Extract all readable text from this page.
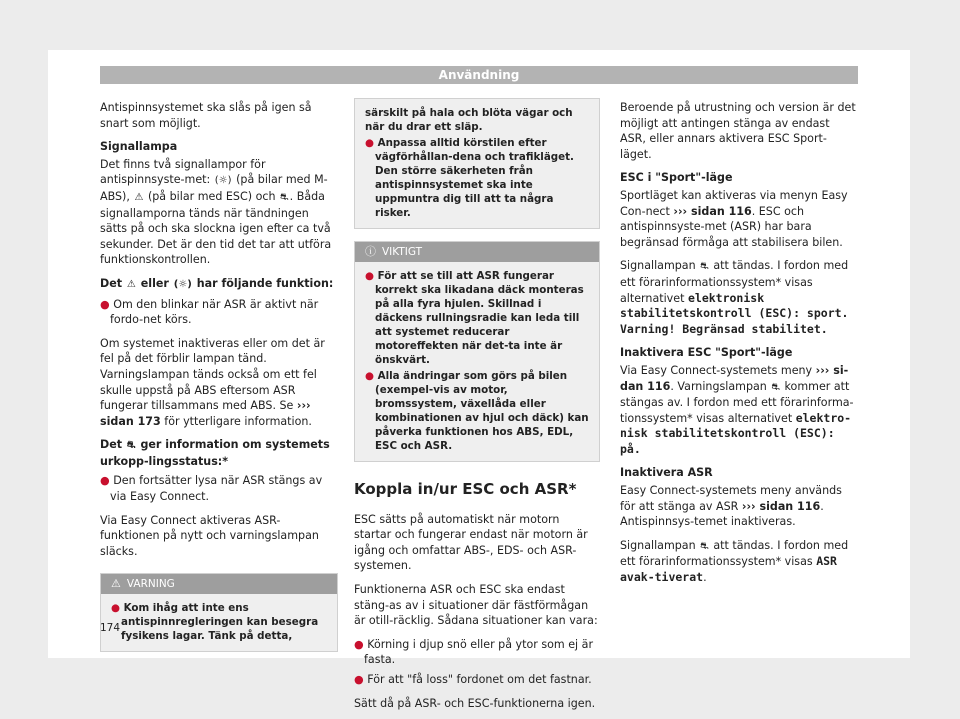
Användning

Antispinnsystemet ska slås på igen så snart som möjligt.

Signallampa

Det finns två signallampor för antispinnsyste-met: (☼) (på bilar med M-ABS), ⚠ (på bilar med ESC) och ⛐. Båda signallamporna tänds när tändningen sätts på och ska slockna igen efter ca två sekunder. Det är den tid det tar att utföra funktionskontrollen.

Det ⚠ eller (☼) har följande funktion:

● Om den blinkar när ASR är aktivt när fordo-net körs.

Om systemet inaktiveras eller om det är fel på det förblir lampan tänd. Varningslampan tänds också om ett fel skulle uppstå på ABS eftersom ASR fungerar tillsammans med ABS. Se ››› sidan 173 för ytterligare information.

Det ⛐ ger information om systemets urkopp-lingsstatus:*

● Den fortsätter lysa när ASR stängs av via Easy Connect.

Via Easy Connect aktiveras ASR-funktionen på nytt och varningslampan släcks.

⚠ VARNING

● Kom ihåg att inte ens antispinnregleringen kan besegra fysikens lagar. Tänk på detta,

särskilt på hala och blöta vägar och när du drar ett släp.

● Anpassa alltid körstilen efter vägförhållan-dena och trafikläget. Den större säkerheten från antispinnsystemet ska inte uppmuntra dig till att ta några risker.

ⓘ VIKTIGT

● För att se till att ASR fungerar korrekt ska likadana däck monteras på alla fyra hjulen. Skillnad i däckens rullningsradie kan leda till att systemet reducerar motoreffekten när det-ta inte är önskvärt.

● Alla ändringar som görs på bilen (exempel-vis av motor, bromssystem, växellåda eller kombinationen av hjul och däck) kan påverka funktionen hos ABS, EDL, ESC och ASR.

Koppla in/ur ESC och ASR*

ESC sätts på automatiskt när motorn startar och fungerar endast när motorn är igång och omfattar ABS-, EDS- och ASR-systemen.

Funktionerna ASR och ESC ska endast stäng-as av i situationer där fästförmågan är otill-räcklig. Sådana situationer kan vara:

● Körning i djup snö eller på ytor som ej är fasta.

● För att "få loss" fordonet om det fastnar.

Sätt då på ASR- och ESC-funktionerna igen.

Beroende på utrustning och version är det möjligt att antingen stänga av endast ASR, eller annars aktivera ESC Sport-läget.

ESC i "Sport"-läge

Sportläget kan aktiveras via menyn Easy Con-nect ››› sidan 116. ESC och antispinnsyste-met (ASR) har bara begränsad förmåga att stabilisera bilen.

Signallampan ⛐ att tändas. I fordon med ett förarinformationssystem* visas alternativet elektronisk stabilitetskontroll (ESC): sport. Varning! Begränsad stabilitet.

Inaktivera ESC "Sport"-läge

Via Easy Connect-systemets meny ››› si-dan 116. Varningslampan ⛐ kommer att stängas av. I fordon med ett förarinforma-tionssystem* visas alternativet elektro-nisk stabilitetskontroll (ESC): på.

Inaktivera ASR

Easy Connect-systemets meny används för att stänga av ASR ››› sidan 116. Antispinnsys-temet inaktiveras.

Signallampan ⛐ att tändas. I fordon med ett förarinformationssystem* visas ASR avak-tiverat.

174
